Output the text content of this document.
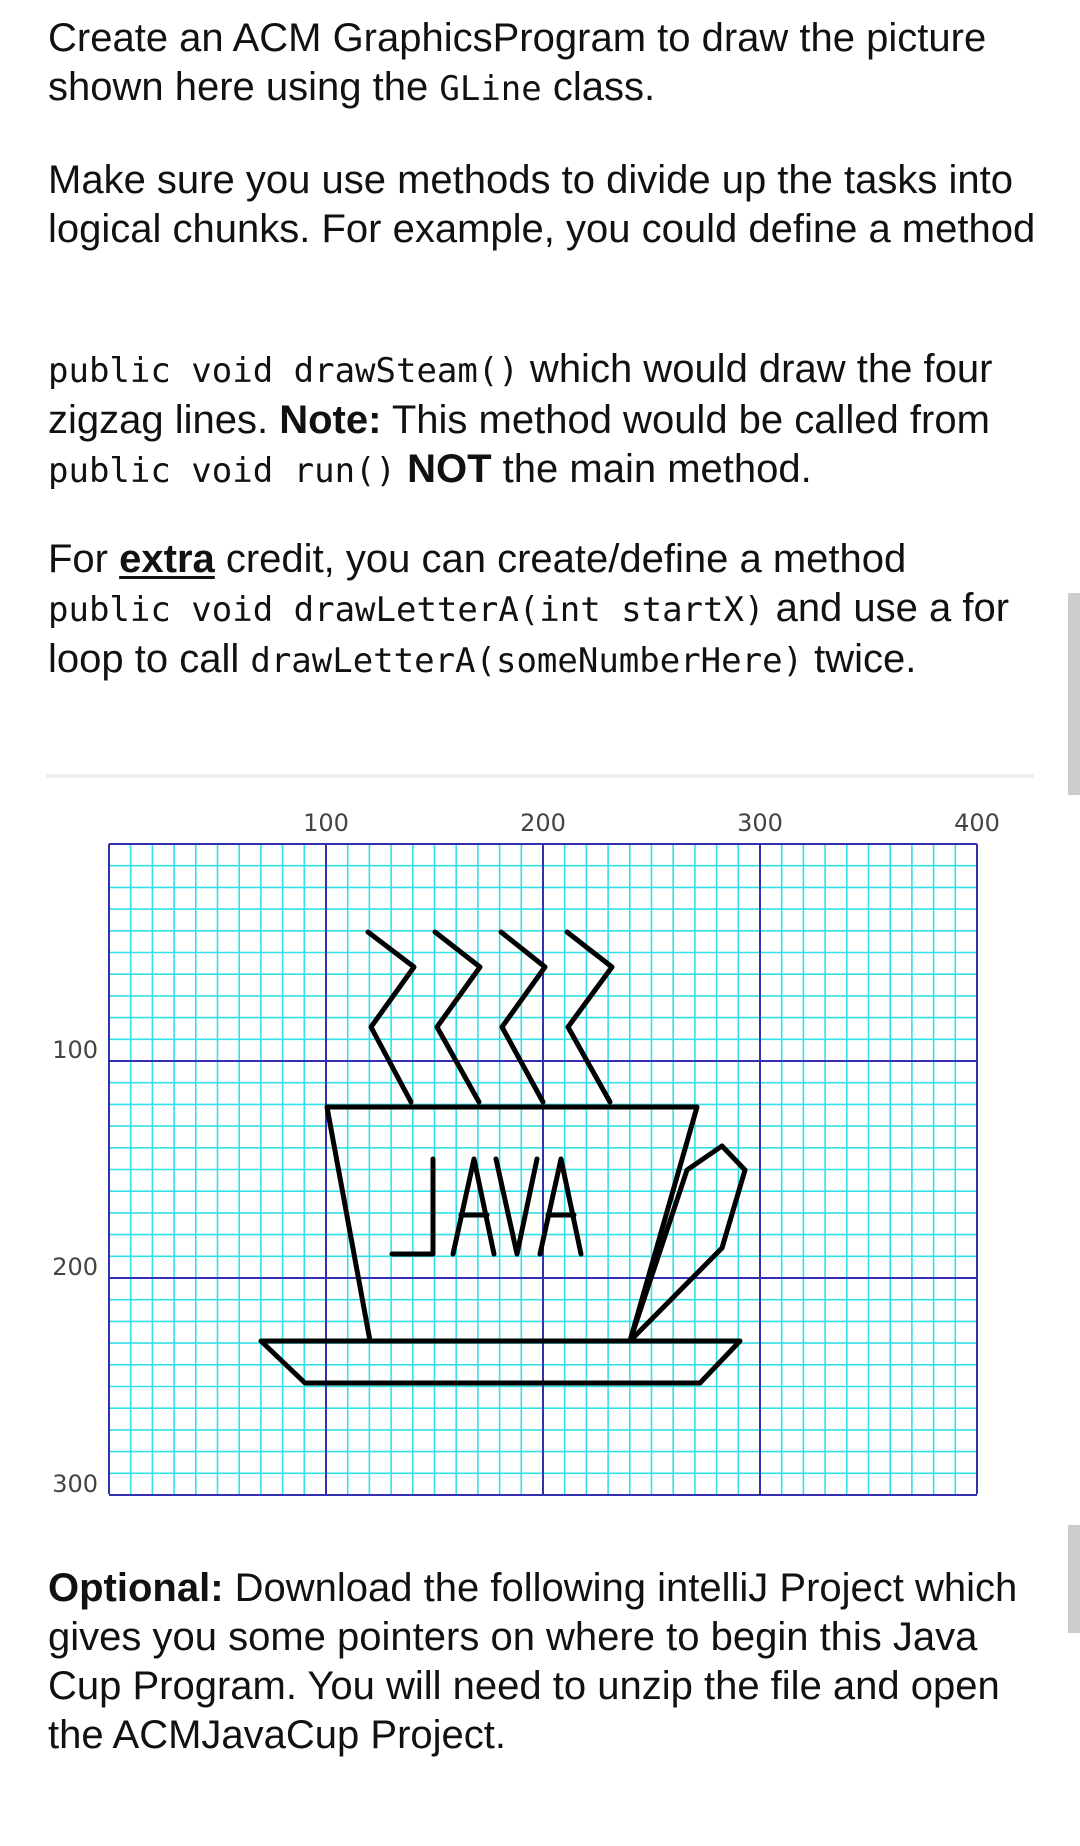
Create an ACM GraphicsProgram to draw the picture shown here using the GLine class.

Make sure you use methods to divide up the tasks into logical chunks. For example, you could define a method

public void drawSteam() which would draw the four zigzag lines. Note: This method would be called from public void run() NOT the main method.

For extra credit, you can create/define a method public void drawLetterA(int startX) and use a for loop to call drawLetterA(someNumberHere) twice.

Optional: Download the following intelliJ Project which gives you some pointers on where to begin this Java Cup Program. You will need to unzip the file and open the ACMJavaCup Project.

100	200	300	400
100
200
300
